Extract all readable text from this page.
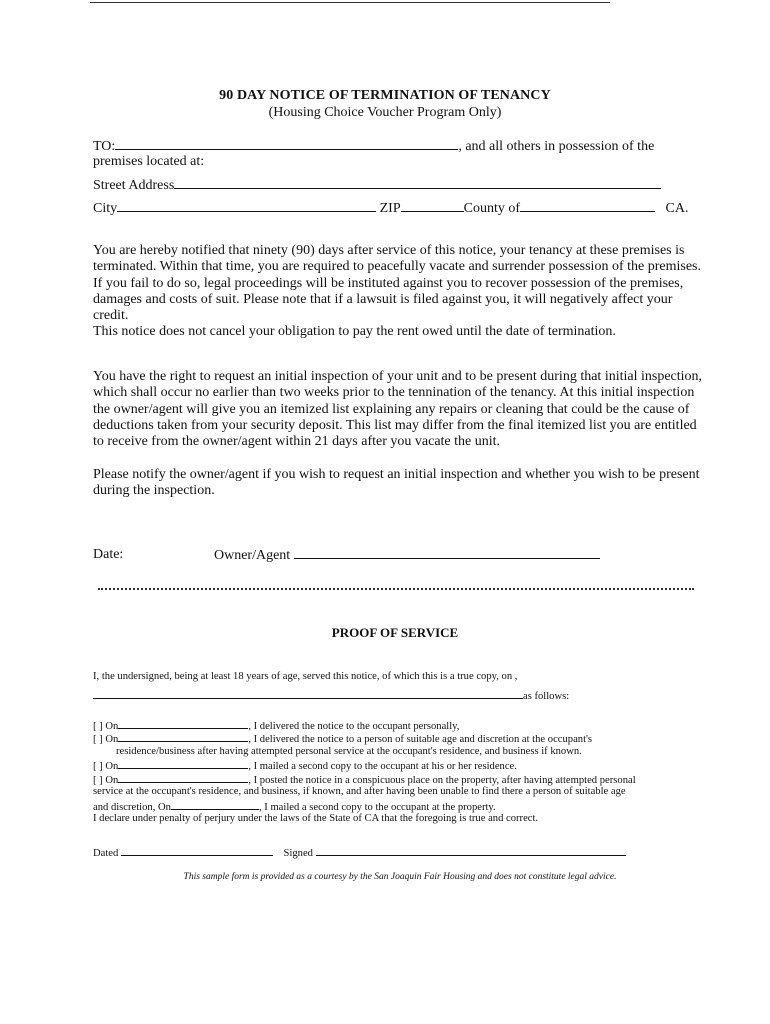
90 DAY NOTICE OF TERMINATION OF TENANCY
(Housing Choice Voucher Program Only)
TO:	, and all others in possession of the
premises located at:
Street Address
City	ZIP	County of	CA.
You are hereby notified that ninety (90) days after service of this notice, your tenancy at these premises is terminated. Within that time, you are required to peacefully vacate and surrender possession of the premises. If you fail to do so, legal proceedings will be instituted against you to recover possession of the premises, damages and costs of suit. Please note that if a lawsuit is filed against you, it will negatively affect your credit.
This notice does not cancel your obligation to pay the rent owed until the date of termination.
You have the right to request an initial inspection of your unit and to be present during that initial inspection, which shall occur no earlier than two weeks prior to the tennination of the tenancy. At this initial inspection the owner/agent will give you an itemized list explaining any repairs or cleaning that could be the cause of deductions taken from your security deposit. This list may differ from the final itemized list you are entitled to receive from the owner/agent within 21 days after you vacate the unit.
Please notify the owner/agent if you wish to request an initial inspection and whether you wish to be present during the inspection.
Date:	Owner/Agent
PROOF OF SERVICE
I, the undersigned, being at least 18 years of age, served this notice, of which this is a true copy, on ,
as follows:
[ ] On	, I delivered the notice to the occupant personally,
[ ] On	, I delivered the notice to a person of suitable age and discretion at the occupant's
residence/business after having attempted personal service at the occupant's residence, and business if known.
[ ] On	, I mailed a second copy to the occupant at his or her residence.
[ ] On	, I posted the notice in a conspicuous place on the property, after having attempted personal
service at the occupant's residence, and business, if known, and after having been unable to find there a person of suitable age
and discretion, On	, I mailed a second copy to the occupant at the property.
I declare under penalty of perjury under the laws of the State of CA that the foregoing is true and correct.
Dated	Signed
This sample form is provided as a courtesy by the San Joaquin Fair Housing and does not constitute legal advice.
